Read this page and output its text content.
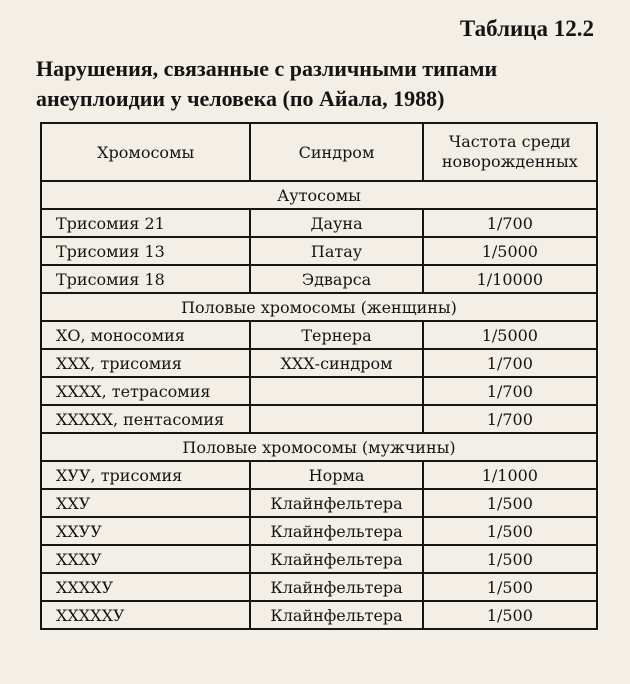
Таблица 12.2
Нарушения, связанные с различными типами анеуплоидии у человека (по Айала, 1988)
Хромосомы	Синдром	Частота среди новорожденных
Аутосомы		
Трисомия 21	Дауна	1/700
Трисомия 13	Патау	1/5000
Трисомия 18	Эдварса	1/10000
Половые хромосомы (женщины)		
ХО, моносомия	Тернера	1/5000
ХХХ, трисомия	ХХХ-синдром	1/700
ХХХХ, тетрасомия		1/700
ХХХХХ, пентасомия		1/700
Половые хромосомы (мужчины)		
ХУУ, трисомия	Норма	1/1000
ХХУ	Клайнфельтера	1/500
ХХУУ	Клайнфельтера	1/500
ХХХУ	Клайнфельтера	1/500
ХХХХУ	Клайнфельтера	1/500
ХХХХХУ	Клайнфельтера	1/500
